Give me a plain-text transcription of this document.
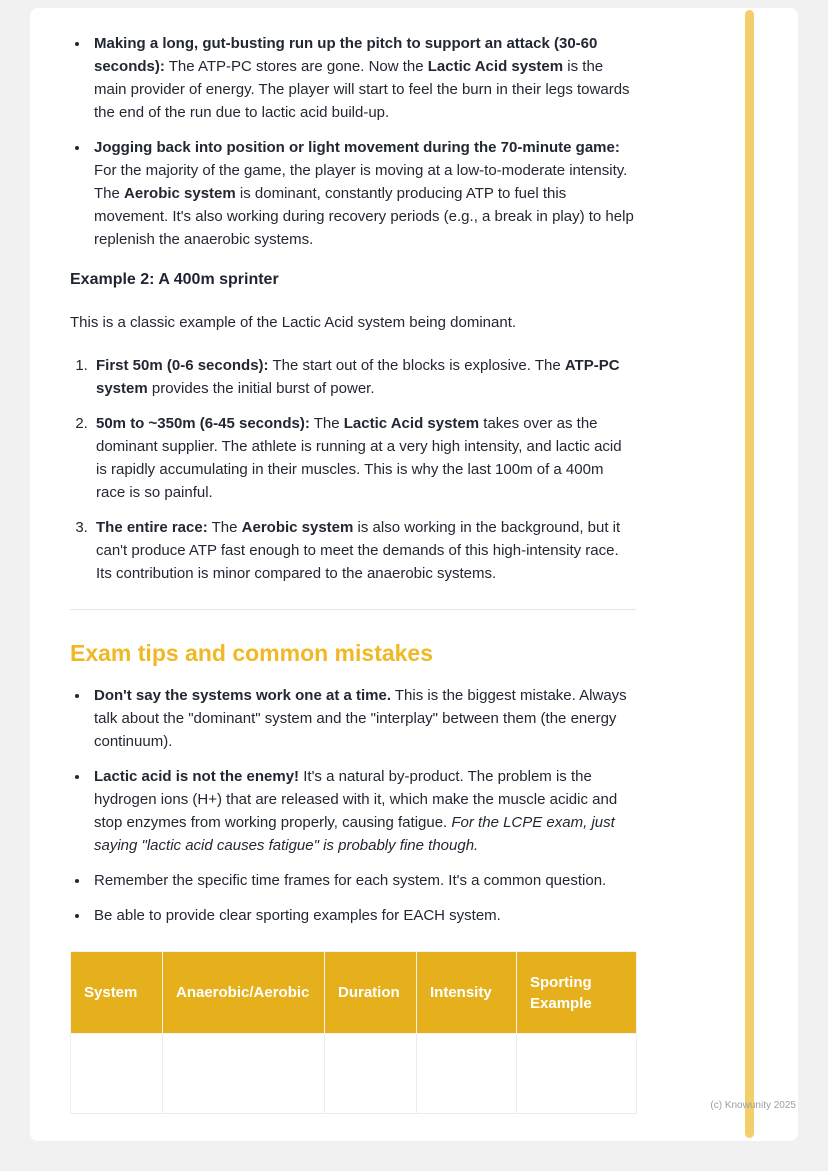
• Making a long, gut-busting run up the pitch to support an attack (30-60 seconds): The ATP-PC stores are gone. Now the Lactic Acid system is the main provider of energy. The player will start to feel the burn in their legs towards the end of the run due to lactic acid build-up.
• Jogging back into position or light movement during the 70-minute game: For the majority of the game, the player is moving at a low-to-moderate intensity. The Aerobic system is dominant, constantly producing ATP to fuel this movement. It's also working during recovery periods (e.g., a break in play) to help replenish the anaerobic systems.
Example 2: A 400m sprinter

This is a classic example of the Lactic Acid system being dominant.

1. First 50m (0-6 seconds): The start out of the blocks is explosive. The ATP-PC system provides the initial burst of power.
2. 50m to ~350m (6-45 seconds): The Lactic Acid system takes over as the dominant supplier. The athlete is running at a very high intensity, and lactic acid is rapidly accumulating in their muscles. This is why the last 100m of a 400m race is so painful.
3. The entire race: The Aerobic system is also working in the background, but it can't produce ATP fast enough to meet the demands of this high-intensity race. Its contribution is minor compared to the anaerobic systems.
Exam tips and common mistakes
• Don't say the systems work one at a time. This is the biggest mistake. Always talk about the "dominant" system and the "interplay" between them (the energy continuum).
• Lactic acid is not the enemy! It's a natural by-product. The problem is the hydrogen ions (H+) that are released with it, which make the muscle acidic and stop enzymes from working properly, causing fatigue. For the LCPE exam, just saying "lactic acid causes fatigue" is probably fine though.
• Remember the specific time frames for each system. It's a common question.
• Be able to provide clear sporting examples for EACH system.
System	Anaerobic/Aerobic	Duration	Intensity	Sporting Example

(c) Knowunity 2025
